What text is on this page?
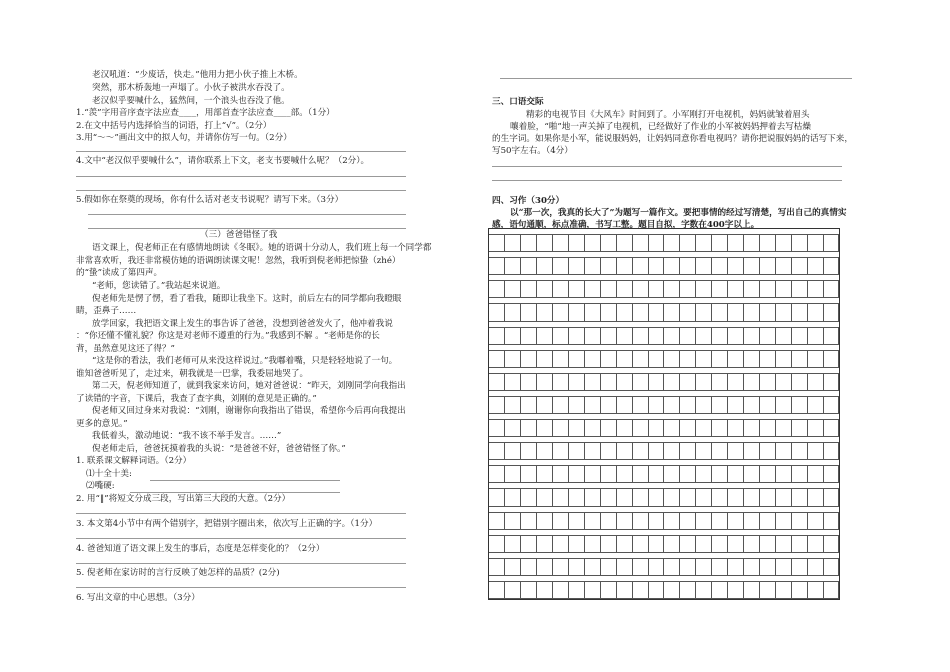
老汉吼道：“少废话，快走。”他用力把小伙子推上木桥。
突然，那木桥轰地一声塌了。小伙子被洪水吞没了。
老汉似乎要喊什么，猛然间，一个浪头也吞没了他。
1.“羨”字用音序查字法应查____，用部首查字法应查____部。（1分）
2.在文中括号内选择恰当的词语，打上“√”。（2分）
3.用“～～”画出文中的拟人句，并请你仿写一句。（2分）
4.文中“老汉似乎要喊什么”，请你联系上下文，老支书要喊什么呢？（2分）。
5.假如你在祭奠的现场，你有什么话对老支书说呢？请写下来。（3分）
（三）爸爸错怪了我
语文课上，倪老师正在有感情地朗读《冬眠》。她的语调十分动人，我们班上每一个同学都
非常喜欢听，我还非常模仿她的语调朗读课文呢！忽然，我听到倪老师把惊蛰（zhé）
的“蛰”读成了第四声。
“老师，您读错了。”我站起来说道。
倪老师先是愣了愣，看了看我，随即让我坐下。这时，前后左右的同学都向我瞪眼
睛，歪鼻子……
放学回家，我把语文课上发生的事告诉了爸爸，没想到爸爸发火了，他冲着我说
：“你还懂不懂礼貌？你这是对老师不遵重的行为。”我感到不解 。“老师是你的长
背，虽然意见这还了得？”
“这是你的看法，我们老师可从来没这样说过。”我嘟着嘴，只是轻轻地说了一句。
谁知爸爸听见了，走过来，朝我就是一巴掌，我委屈地哭了。
第二天，倪老师知道了，就到我家来访问，她对爸爸说：“昨天，刘刚同学向我指出
了读错的字音，下课后，我查了查字典，刘刚的意见是正确的。”
倪老师又回过身来对我说：“刘刚，谢谢你向我指出了错误，希望你今后再向我提出
更多的意见。”
我低着头，激动地说：“我不该不举手发言。……”
倪老师走后，爸爸抚摸着我的头说：“是爸爸不好，爸爸错怪了你。”
1. 联系课文解释词语。（2分）
⑴十全十美:
⑵嘴硬:
2. 用“‖”将短文分成三段，写出第三大段的大意。（2分）
3. 本文第4小节中有两个错别字，把错别字圈出来，依次写上正确的字。（1分）
4. 爸爸知道了语文课上发生的事后，态度是怎样变化的？（2分）
5. 倪老师在家访时的言行反映了她怎样的品质？(2分)
6. 写出文章的中心思想。（3分）
三、口语交际
精彩的电视节目《大风车》时间到了。小军刚打开电视机，妈妈就皱着眉头
嚷着脸，“啪”地一声关掉了电视机，已经做好了作业的小军被妈妈押着去写枯燥
的生字词。如果你是小军，能说服妈妈，让妈妈同意你看电视吗？请你把说服妈妈的话写下来，
写50字左右。（4分）
四、习作（30分）
以“那一次，我真的长大了”为题写一篇作文。要把事情的经过写清楚，写出自己的真情实
感，语句通顺，标点准确，书写工整。题目自拟，字数在400字以上。
